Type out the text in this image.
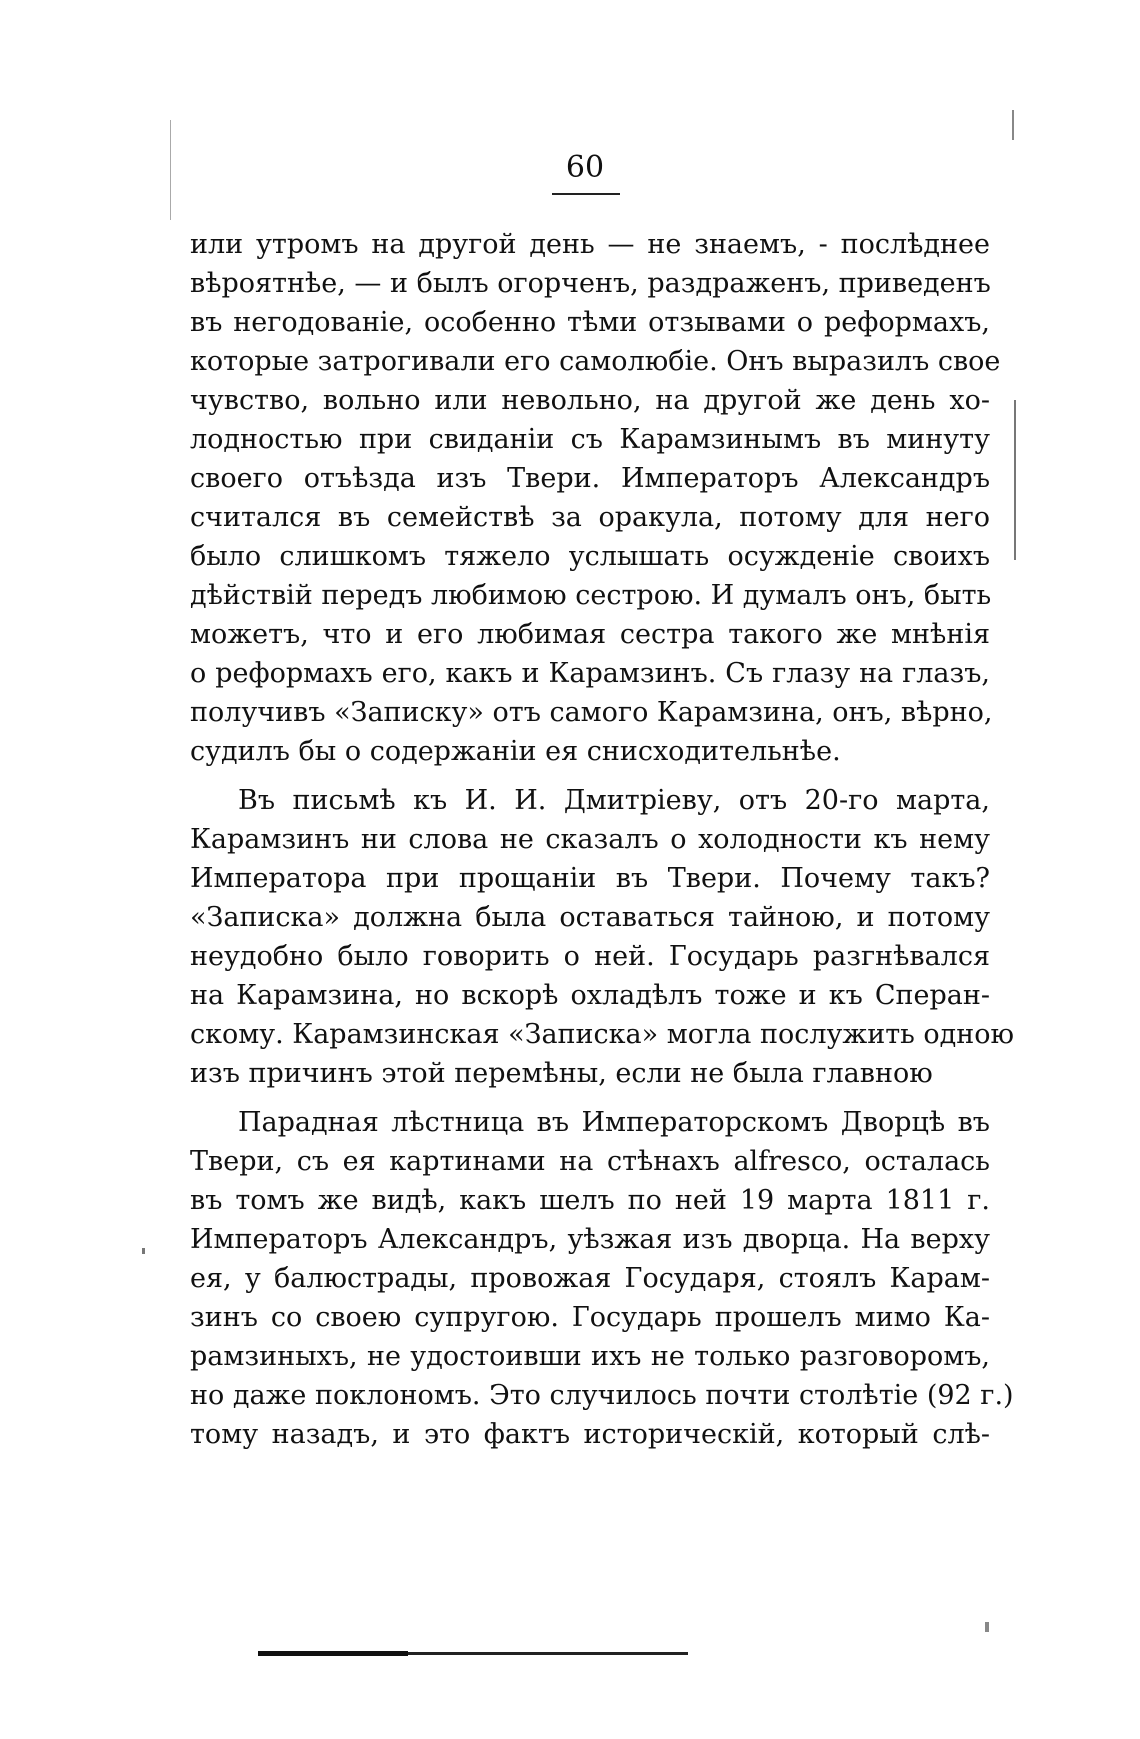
60
или утромъ на другой день — не знаемъ, - послѣднее
вѣроятнѣе, — и былъ огорченъ, раздраженъ, приведенъ
въ негодованіе, особенно тѣми отзывами о реформахъ,
которые затрогивали его самолюбіе. Онъ выразилъ свое
чувство, вольно или невольно, на другой же день хо-
лодностью при свиданіи съ Карамзинымъ въ минуту
своего отъѣзда изъ Твери. Императоръ Александръ
считался въ семействѣ за оракула, потому для него
было слишкомъ тяжело услышать осужденіе своихъ
дѣйствій передъ любимою сестрою. И думалъ онъ, быть
можетъ, что и его любимая сестра такого же мнѣнія
о реформахъ его, какъ и Карамзинъ. Съ глазу на глазъ,
получивъ «Записку» отъ самого Карамзина, онъ, вѣрно,
судилъ бы о содержаніи ея снисходительнѣе.
Въ письмѣ къ И. И. Дмитріеву, отъ 20-го марта,
Карамзинъ ни слова не сказалъ о холодности къ нему
Императора при прощаніи въ Твери. Почему такъ?
«Записка» должна была оставаться тайною, и потому
неудобно было говорить о ней. Государь разгнѣвался
на Карамзина, но вскорѣ охладѣлъ тоже и къ Сперан-
скому. Карамзинская «Записка» могла послужить одною
изъ причинъ этой перемѣны, если не была главною
Парадная лѣстница въ Императорскомъ Дворцѣ въ
Твери, съ ея картинами на стѣнахъ alfresco, осталась
въ томъ же видѣ, какъ шелъ по ней 19 марта 1811 г.
Императоръ Александръ, уѣзжая изъ дворца. На верху
ея, у балюстрады, провожая Государя, стоялъ Карам-
зинъ со своею супругою. Государь прошелъ мимо Ка-
рамзиныхъ, не удостоивши ихъ не только разговоромъ,
но даже поклономъ. Это случилось почти столѣтіе (92 г.)
тому назадъ, и это фактъ историческій, который слѣ-
